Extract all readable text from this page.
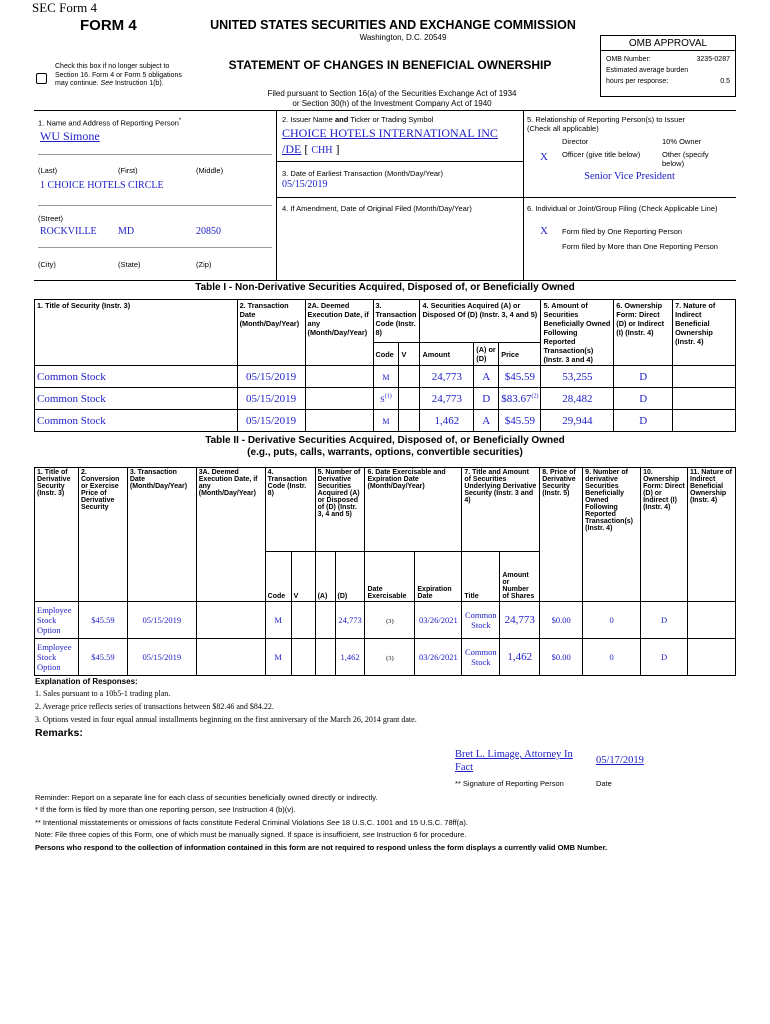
SEC Form 4
FORM 4	UNITED STATES SECURITIES AND EXCHANGE COMMISSION
Washington, D.C. 20549
Check this box if no longer subject to Section 16. Form 4 or Form 5 obligations may continue. See Instruction 1(b).
STATEMENT OF CHANGES IN BENEFICIAL OWNERSHIP
Filed pursuant to Section 16(a) of the Securities Exchange Act of 1934
or Section 30(h) of the Investment Company Act of 1940
OMB APPROVAL
OMB Number:	3235-0287
Estimated average burden
hours per response:	0.5
1. Name and Address of Reporting Person*
WU Simone
(Last)	(First)	(Middle)
1 CHOICE HOTELS CIRCLE
(Street)
ROCKVILLE MD	20850
(City)	(State)	(Zip)
2. Issuer Name and Ticker or Trading Symbol
CHOICE HOTELS INTERNATIONAL INC
/DE [ CHH ]
3. Date of Earliest Transaction (Month/Day/Year)
05/15/2019
4. If Amendment, Date of Original Filed (Month/Day/Year)
5. Relationship of Reporting Person(s) to Issuer
(Check all applicable)
Director	10% Owner
X Officer (give title below)	Other (specify below)
Senior Vice President
6. Individual or Joint/Group Filing (Check Applicable Line)
X Form filed by One Reporting Person
Form filed by More than One Reporting Person
Table I - Non-Derivative Securities Acquired, Disposed of, or Beneficially Owned
1. Title of Security (Instr. 3)	2. Transaction Date (Month/Day/Year)	2A. Deemed Execution Date, if any (Month/Day/Year)	3. Transaction Code (Instr. 8)		4. Securities Acquired (A) or Disposed Of (D) (Instr. 3, 4 and 5)			5. Amount of Securities Beneficially Owned Following Reported Transaction(s) (Instr. 3 and 4)	6. Ownership Form: Direct (D) or Indirect (I) (Instr. 4)	7. Nature of Indirect Beneficial Ownership (Instr. 4)
			Code	V	Amount	(A) or (D)	Price			
Common Stock	05/15/2019		M		24,773	A	$45.59	53,255	D	
Common Stock	05/15/2019		$S^{(1)}$		24,773	D	$83.67$^{(2)}$	28,482	D	
Common Stock	05/15/2019		M		1,462	A	$45.59	29,944	D	
Table II - Derivative Securities Acquired, Disposed of, or Beneficially Owned
(e.g., puts, calls, warrants, options, convertible securities)
1. Title of Derivative Security (Instr. 3)	2. Conversion or Exercise Price of Derivative Security	3. Transaction Date (Month/Day/Year)	3A. Deemed Execution Date, if any (Month/Day/Year)	4. Transaction Code (Instr. 8)		5. Number of Derivative Securities Acquired (A) or Disposed of (D) (Instr. 3, 4 and 5)		6. Date Exercisable and Expiration Date (Month/Day/Year)		7. Title and Amount of Securities Underlying Derivative Security (Instr. 3 and 4)		8. Price of Derivative Security (Instr. 5)	9. Number of derivative Securities Beneficially Owned Following Reported Transaction(s) (Instr. 4)	10. Ownership Form: Direct (D) or Indirect (I) (Instr. 4)	11. Nature of Indirect Beneficial Ownership (Instr. 4)
				Code	V	(A)	(D)	Date Exercisable	Expiration Date	Title	Amount or Number of Shares				
Employee Stock Option	$45.59	05/15/2019		M			24,773	(3)	03/26/2021	Common Stock	24,773	$0.00	0	D	
Employee Stock Option	$45.59	05/15/2019		M			1,462	(3)	03/26/2021	Common Stock	1,462	$0.00	0	D	
Explanation of Responses:
1. Sales pursuant to a 10b5-1 trading plan.
2. Average price reflects series of transactions between $82.46 and $84.22.
3. Options vested in four equal annual installments beginning on the first anniversary of the March 26, 2014 grant date.
Remarks:
Bret L. Limage, Attorney In Fact
05/17/2019
** Signature of Reporting Person	Date
Reminder: Report on a separate line for each class of securities beneficially owned directly or indirectly.
* If the form is filed by more than one reporting person, see Instruction 4 (b)(v).
** Intentional misstatements or omissions of facts constitute Federal Criminal Violations See 18 U.S.C. 1001 and 15 U.S.C. 78ff(a).
Note: File three copies of this Form, one of which must be manually signed. If space is insufficient, see Instruction 6 for procedure.
Persons who respond to the collection of information contained in this form are not required to respond unless the form displays a currently valid OMB Number.
